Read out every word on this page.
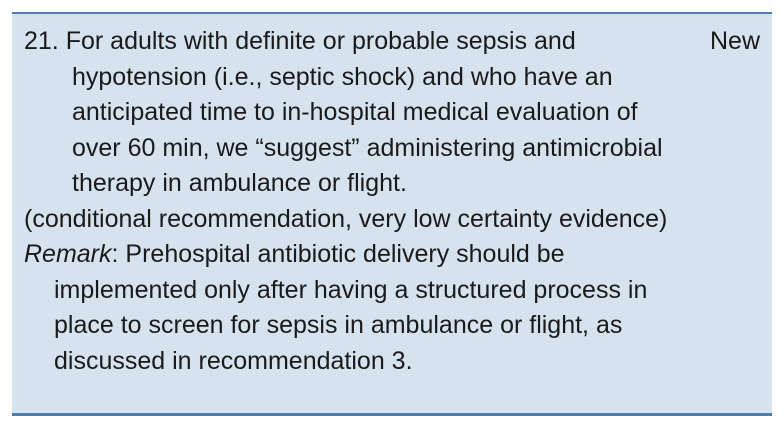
21. For adults with definite or probable sepsis and hypotension (i.e., septic shock) and who have an anticipated time to in-hospital medical evaluation of over 60 min, we “suggest” administering antimicrobial therapy in ambulance or flight.

(conditional recommendation, very low certainty evidence)

Remark: Prehospital antibiotic delivery should be implemented only after having a structured process in place to screen for sepsis in ambulance or flight, as discussed in recommendation 3.

New
